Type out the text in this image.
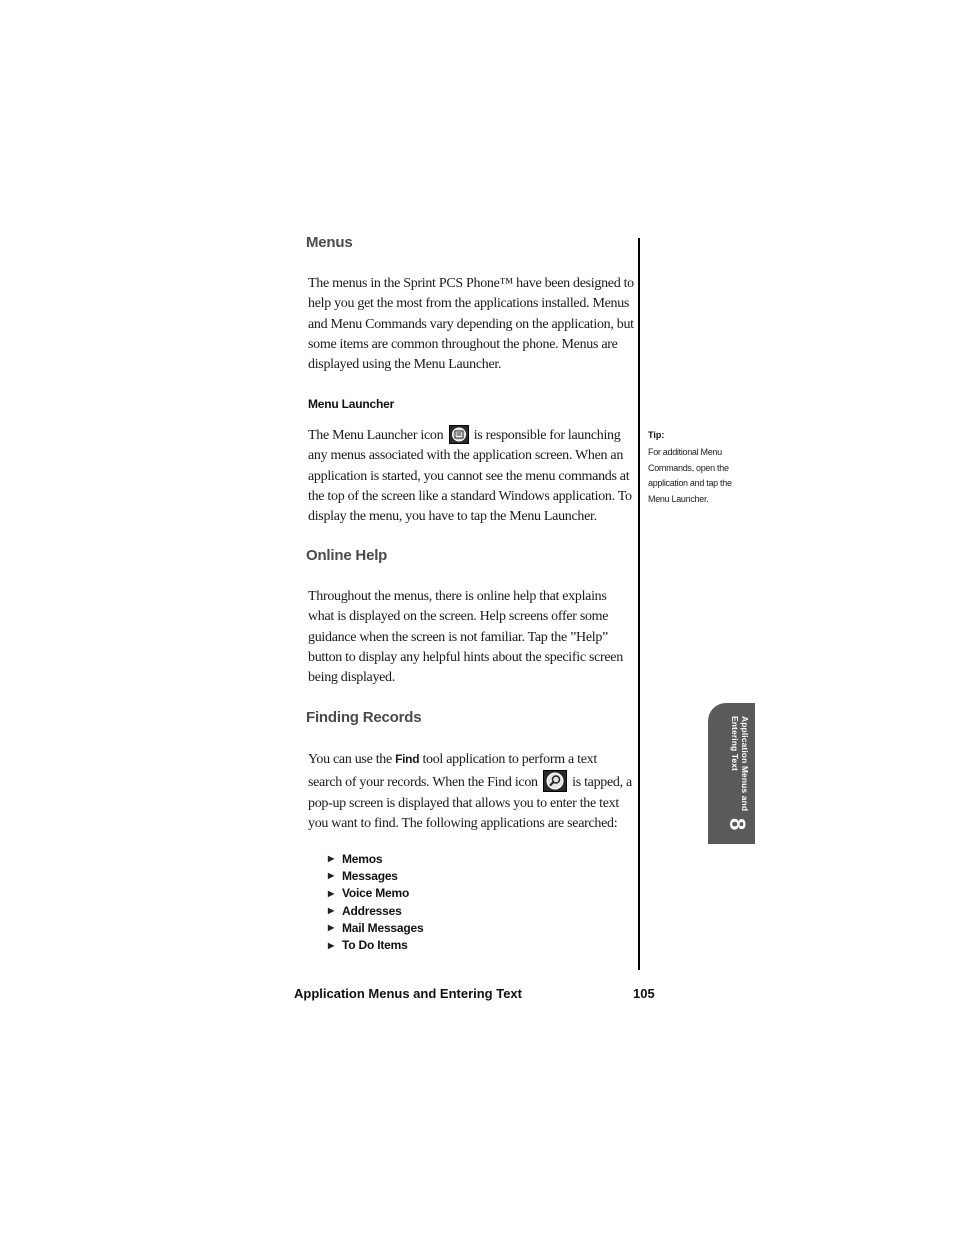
Menus
The menus in the Sprint PCS Phone™ have been designed to help you get the most from the applications installed. Menus and Menu Commands vary depending on the application, but some items are common throughout the phone. Menus are displayed using the Menu Launcher.
Menu Launcher
The Menu Launcher icon is responsible for launching any menus associated with the application screen. When an application is started, you cannot see the menu commands at the top of the screen like a standard Windows application. To display the menu, you have to tap the Menu Launcher.
Online Help
Throughout the menus, there is online help that explains what is displayed on the screen. Help screens offer some guidance when the screen is not familiar. Tap the ”Help” button to display any helpful hints about the specific screen being displayed.
Finding Records
You can use the Find tool application to perform a text search of your records. When the Find icon is tapped, a pop-up screen is displayed that allows you to enter the text you want to find. The following applications are searched:
▶ Memos
▶ Messages
▶ Voice Memo
▶ Addresses
▶ Mail Messages
▶ To Do Items
Tip:
For additional Menu Commands, open the application and tap the Menu Launcher.
Application Menus and Entering Text
8
Application Menus and Entering Text	105
